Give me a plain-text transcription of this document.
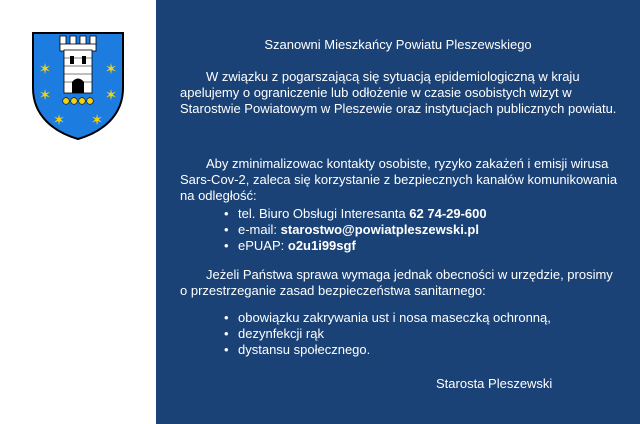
✶	✶
✶	✶
✶ ✶
Szanowni Mieszkańcy Powiatu Pleszewskiego

W związku z pogarszającą się sytuacją epidemiologiczną w kraju apelujemy o ograniczenie lub odłożenie w czasie osobistych wizyt w Starostwie Powiatowym w Pleszewie oraz instytucjach publicznych powiatu.

Aby zminimalizowac kontakty osobiste, ryzyko zakażeń i emisji wirusa Sars-Cov-2, zaleca się korzystanie z bezpiecznych kanałów komunikowania na odległość:

• tel. Biuro Obsługi Interesanta 62 74-29-600
• e-mail: starostwo@powiatpleszewski.pl
• ePUAP: o2u1i99sgf

Jeżeli Państwa sprawa wymaga jednak obecności w urzędzie, prosimy o przestrzeganie zasad bezpieczeństwa sanitarnego:

• obowiązku zakrywania ust i nosa maseczką ochronną,
• dezynfekcji rąk
• dystansu społecznego.
Starosta Pleszewski
